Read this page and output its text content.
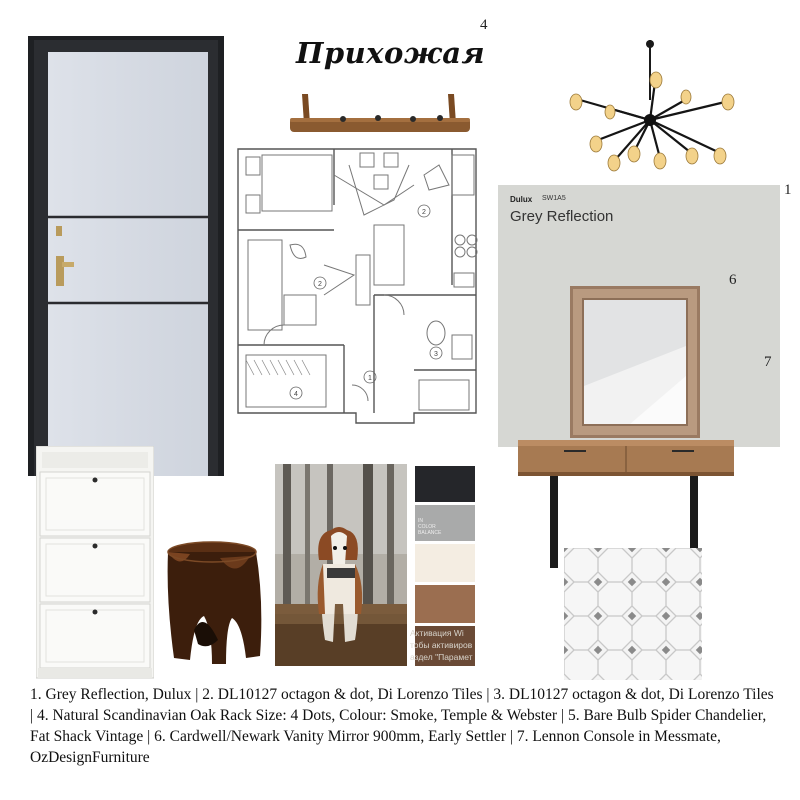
Прихожая
4
1
2
2
3
4
1
Dulux SW1A5
Grey Reflection
6
7
IN
COLOR
BALANCE
Активация Wi
тобы активиров
аздел "Парамет
1. Grey Reflection, Dulux | 2. DL10127 octagon & dot, Di Lorenzo Tiles | 3. DL10127 octagon & dot, Di Lorenzo Tiles | 4. Natural Scandinavian Oak Rack Size: 4 Dots, Colour: Smoke, Temple & Webster | 5. Bare Bulb Spider Chandelier, Fat Shack Vintage | 6. Cardwell/Newark Vanity Mirror 900mm, Early Settler | 7. Lennon Console in Messmate, OzDesignFurniture
